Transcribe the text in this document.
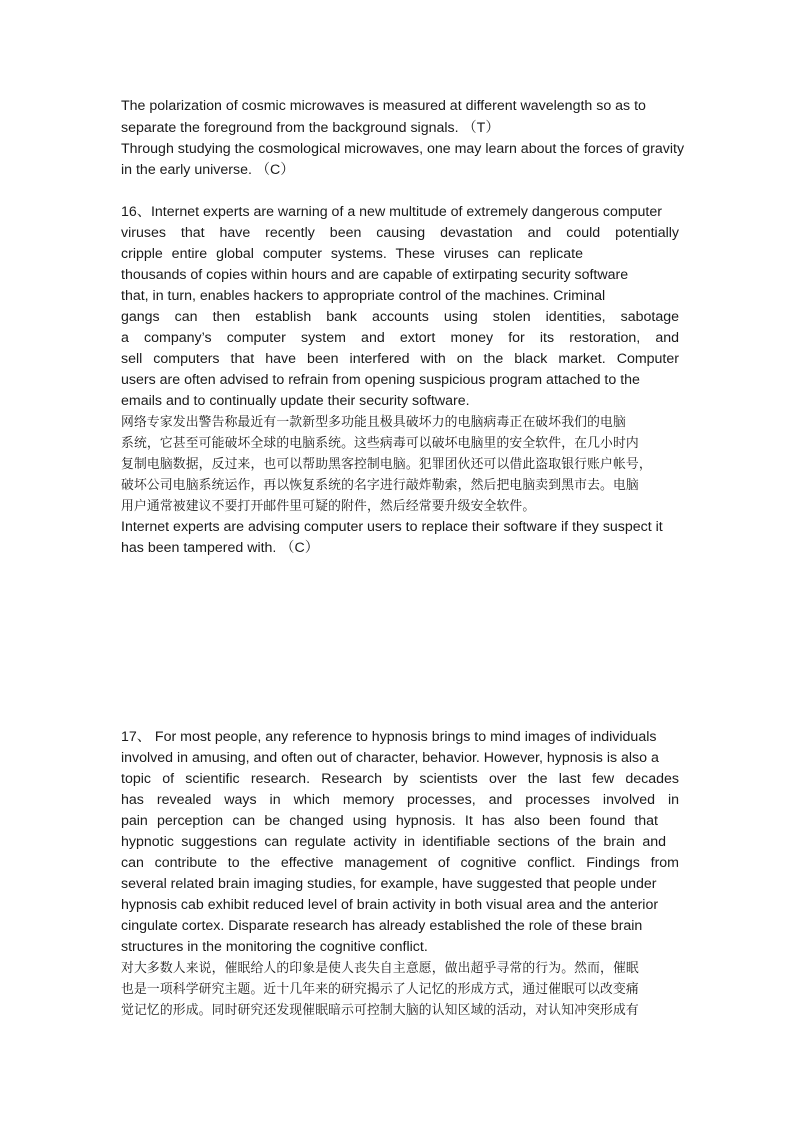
The polarization of cosmic microwaves is measured at different wavelength so as to
separate the foreground from the background signals. （T）
Through studying the cosmological microwaves, one may learn about the forces of gravity
in the early universe. （C）
16、Internet experts are warning of a new multitude of extremely dangerous computer
viruses that have recently been causing devastation and could potentially
cripple entire global computer systems. These viruses can replicate
thousands of copies within hours and are capable of extirpating security software
that, in turn, enables hackers to appropriate control of the machines. Criminal
gangs can then establish bank accounts using stolen identities, sabotage
a company’s computer system and extort money for its restoration, and
sell computers that have been interfered with on the black market. Computer
users are often advised to refrain from opening suspicious program attached to the
emails and to continually update their security software.
网络专家发出警告称最近有一款新型多功能且极具破坏力的电脑病毒正在破坏我们的电脑
系统，它甚至可能破坏全球的电脑系统。这些病毒可以破坏电脑里的安全软件，在几小时内
复制电脑数据，反过来，也可以帮助黑客控制电脑。犯罪团伙还可以借此盗取银行账户帐号，
破坏公司电脑系统运作，再以恢复系统的名字进行敲炸勒索，然后把电脑卖到黑市去。电脑
用户通常被建议不要打开邮件里可疑的附件，然后经常要升级安全软件。
Internet experts are advising computer users to replace their software if they suspect it
has been tampered with. （C）
17、 For most people, any reference to hypnosis brings to mind images of individuals
involved in amusing, and often out of character, behavior. However, hypnosis is also a
topic of scientific research. Research by scientists over the last few decades
has revealed ways in which memory processes, and processes involved in
pain perception can be changed using hypnosis. It has also been found that
hypnotic suggestions can regulate activity in identifiable sections of the brain and
can contribute to the effective management of cognitive conflict. Findings from
several related brain imaging studies, for example, have suggested that people under
hypnosis cab exhibit reduced level of brain activity in both visual area and the anterior
cingulate cortex. Disparate research has already established the role of these brain
structures in the monitoring the cognitive conflict.
对大多数人来说，催眠给人的印象是使人丧失自主意愿，做出超乎寻常的行为。然而，催眠
也是一项科学研究主题。近十几年来的研究揭示了人记忆的形成方式，通过催眠可以改变痛
觉记忆的形成。同时研究还发现催眠暗示可控制大脑的认知区域的活动，对认知冲突形成有
